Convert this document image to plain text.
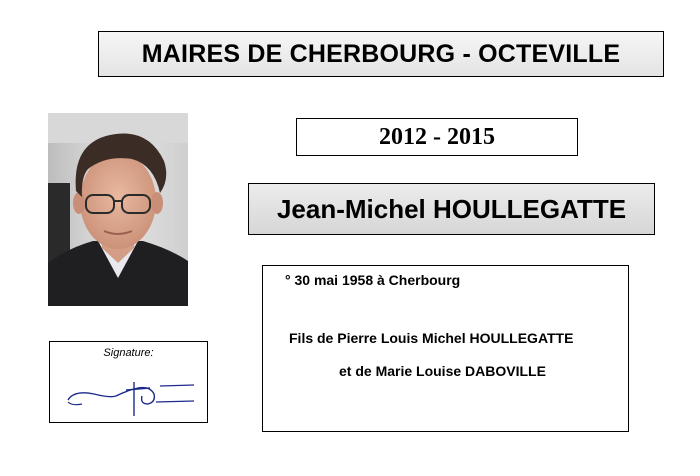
MAIRES DE CHERBOURG - OCTEVILLE
2012 - 2015
Jean-Michel HOULLEGATTE
Signature:
° 30 mai 1958 à Cherbourg
Fils de Pierre Louis Michel HOULLEGATTE
et de Marie Louise DABOVILLE
